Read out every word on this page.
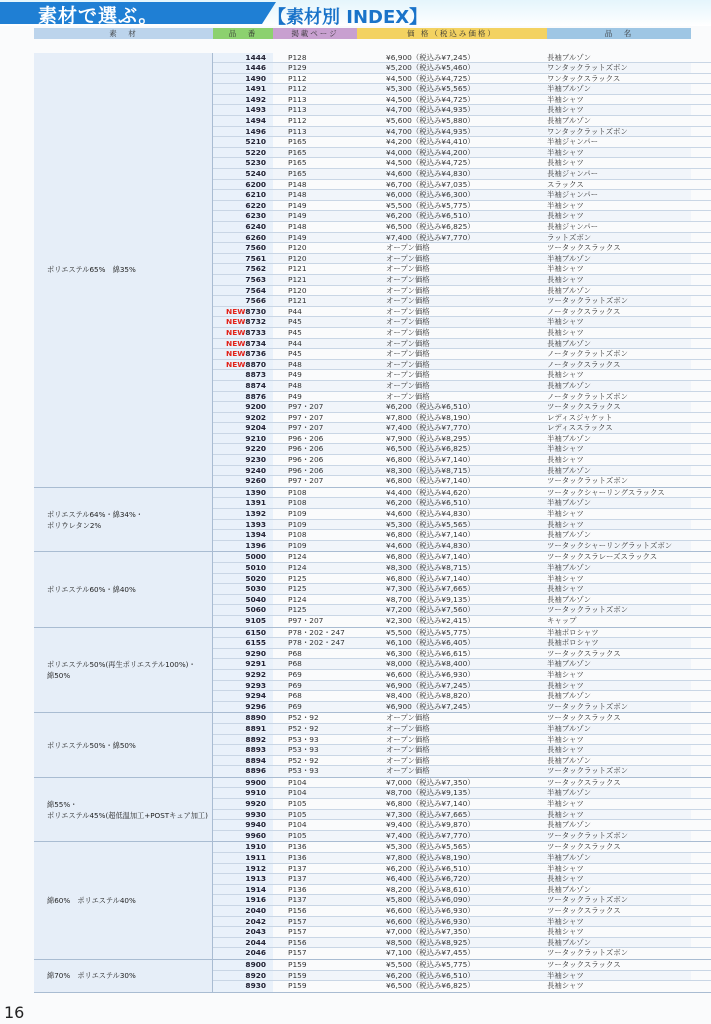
素材で選ぶ。	【素材別 INDEX】
素　材	品　番	掲載ページ	価 格（税込み価格）	品　名
ポリエステル65%　綿35%
1444	P128	¥6,900（税込み¥7,245）	長袖ブルゾン
1446	P129	¥5,200（税込み¥5,460）	ワンタックラットズボン
1490	P112	¥4,500（税込み¥4,725）	ワンタックスラックス
1491	P112	¥5,300（税込み¥5,565）	半袖ブルゾン
1492	P113	¥4,500（税込み¥4,725）	半袖シャツ
1493	P113	¥4,700（税込み¥4,935）	長袖シャツ
1494	P112	¥5,600（税込み¥5,880）	長袖ブルゾン
1496	P113	¥4,700（税込み¥4,935）	ワンタックラットズボン
5210	P165	¥4,200（税込み¥4,410）	半袖ジャンパー
5220	P165	¥4,000（税込み¥4,200）	半袖シャツ
5230	P165	¥4,500（税込み¥4,725）	長袖シャツ
5240	P165	¥4,600（税込み¥4,830）	長袖ジャンパー
6200	P148	¥6,700（税込み¥7,035）	スラックス
6210	P148	¥6,000（税込み¥6,300）	半袖ジャンパー
6220	P149	¥5,500（税込み¥5,775）	半袖シャツ
6230	P149	¥6,200（税込み¥6,510）	長袖シャツ
6240	P148	¥6,500（税込み¥6,825）	長袖ジャンパー
6260	P149	¥7,400（税込み¥7,770）	ラットズボン
7560	P120	オープン価格	ツータックスラックス
7561	P120	オープン価格	半袖ブルゾン
7562	P121	オープン価格	半袖シャツ
7563	P121	オープン価格	長袖シャツ
7564	P120	オープン価格	長袖ブルゾン
7566	P121	オープン価格	ツータックラットズボン
NEW8730	P44	オープン価格	ノータックスラックス
NEW8732	P45	オープン価格	半袖シャツ
NEW8733	P45	オープン価格	長袖シャツ
NEW8734	P44	オープン価格	長袖ブルゾン
NEW8736	P45	オープン価格	ノータックラットズボン
NEW8870	P48	オープン価格	ノータックスラックス
8873	P49	オープン価格	長袖シャツ
8874	P48	オープン価格	長袖ブルゾン
8876	P49	オープン価格	ノータックラットズボン
9200	P97・207	¥6,200（税込み¥6,510）	ツータックスラックス
9202	P97・207	¥7,800（税込み¥8,190）	レディスジャケット
9204	P97・207	¥7,400（税込み¥7,770）	レディススラックス
9210	P96・206	¥7,900（税込み¥8,295）	半袖ブルゾン
9220	P96・206	¥6,500（税込み¥6,825）	半袖シャツ
9230	P96・206	¥6,800（税込み¥7,140）	長袖シャツ
9240	P96・206	¥8,300（税込み¥8,715）	長袖ブルゾン
9260	P97・207	¥6,800（税込み¥7,140）	ツータックラットズボン
ポリエステル64%・綿34%・
ポリウレタン2%
1390	P108	¥4,400（税込み¥4,620）	ツータックシャーリングスラックス
1391	P108	¥6,200（税込み¥6,510）	半袖ブルゾン
1392	P109	¥4,600（税込み¥4,830）	半袖シャツ
1393	P109	¥5,300（税込み¥5,565）	長袖シャツ
1394	P108	¥6,800（税込み¥7,140）	長袖ブルゾン
1396	P109	¥4,600（税込み¥4,830）	ツータックシャーリングラットズボン
ポリエステル60%・綿40%
5000	P124	¥6,800（税込み¥7,140）	ツータックスラレーズスラックス
5010	P124	¥8,300（税込み¥8,715）	半袖ブルゾン
5020	P125	¥6,800（税込み¥7,140）	半袖シャツ
5030	P125	¥7,300（税込み¥7,665）	長袖シャツ
5040	P124	¥8,700（税込み¥9,135）	長袖ブルゾン
5060	P125	¥7,200（税込み¥7,560）	ツータックラットズボン
9105	P97・207	¥2,300（税込み¥2,415）	キャップ
ポリエステル50%(再生ポリエステル100%)・
綿50%
6150	P78・202・247	¥5,500（税込み¥5,775）	半袖ポロシャツ
6155	P78・202・247	¥6,100（税込み¥6,405）	長袖ポロシャツ
9290	P68	¥6,300（税込み¥6,615）	ツータックスラックス
9291	P68	¥8,000（税込み¥8,400）	半袖ブルゾン
9292	P69	¥6,600（税込み¥6,930）	半袖シャツ
9293	P69	¥6,900（税込み¥7,245）	長袖シャツ
9294	P68	¥8,400（税込み¥8,820）	長袖ブルゾン
9296	P69	¥6,900（税込み¥7,245）	ツータックラットズボン
ポリエステル50%・綿50%
8890	P52・92	オープン価格	ツータックスラックス
8891	P52・92	オープン価格	半袖ブルゾン
8892	P53・93	オープン価格	半袖シャツ
8893	P53・93	オープン価格	長袖シャツ
8894	P52・92	オープン価格	長袖ブルゾン
8896	P53・93	オープン価格	ツータックラットズボン
綿55%・
ポリエステル45%(超低温加工+POSTキュア加工)
9900	P104	¥7,000（税込み¥7,350）	ツータックスラックス
9910	P104	¥8,700（税込み¥9,135）	半袖ブルゾン
9920	P105	¥6,800（税込み¥7,140）	半袖シャツ
9930	P105	¥7,300（税込み¥7,665）	長袖シャツ
9940	P104	¥9,400（税込み¥9,870）	長袖ブルゾン
9960	P105	¥7,400（税込み¥7,770）	ツータックラットズボン
綿60%　ポリエステル40%
1910	P136	¥5,300（税込み¥5,565）	ツータックスラックス
1911	P136	¥7,800（税込み¥8,190）	半袖ブルゾン
1912	P137	¥6,200（税込み¥6,510）	半袖シャツ
1913	P137	¥6,400（税込み¥6,720）	長袖シャツ
1914	P136	¥8,200（税込み¥8,610）	長袖ブルゾン
1916	P137	¥5,800（税込み¥6,090）	ツータックラットズボン
2040	P156	¥6,600（税込み¥6,930）	ツータックスラックス
2042	P157	¥6,600（税込み¥6,930）	半袖シャツ
2043	P157	¥7,000（税込み¥7,350）	長袖シャツ
2044	P156	¥8,500（税込み¥8,925）	長袖ブルゾン
2046	P157	¥7,100（税込み¥7,455）	ツータックラットズボン
綿70%　ポリエステル30%
8900	P159	¥5,500（税込み¥5,775）	ツータックスラックス
8920	P159	¥6,200（税込み¥6,510）	半袖シャツ
8930	P159	¥6,500（税込み¥6,825）	長袖シャツ
16
